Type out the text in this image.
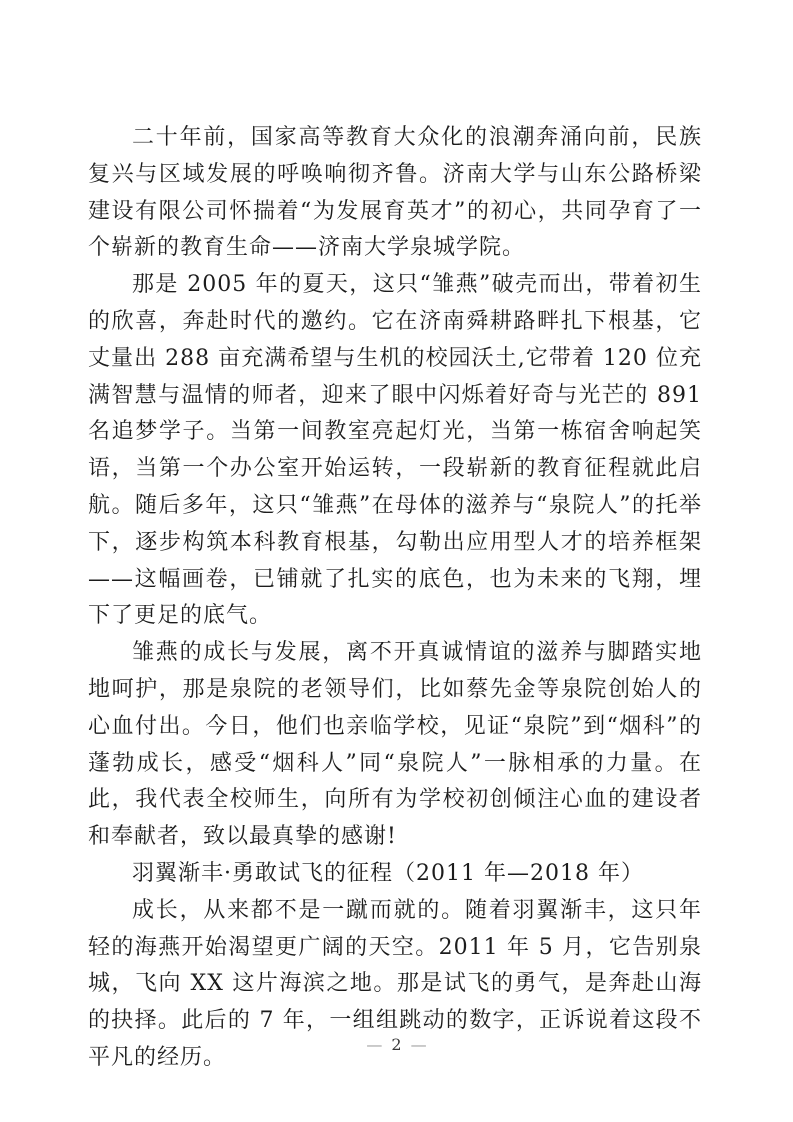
二十年前，国家高等教育大众化的浪潮奔涌向前，民族复兴与区域发展的呼唤响彻齐鲁。济南大学与山东公路桥梁建设有限公司怀揣着“为发展育英才”的初心，共同孕育了一个崭新的教育生命——济南大学泉城学院。

那是 2005 年的夏天，这只“雏燕”破壳而出，带着初生的欣喜，奔赴时代的邀约。它在济南舜耕路畔扎下根基，它丈量出 288 亩充满希望与生机的校园沃土,它带着 120 位充满智慧与温情的师者，迎来了眼中闪烁着好奇与光芒的 891 名追梦学子。当第一间教室亮起灯光，当第一栋宿舍响起笑语，当第一个办公室开始运转，一段崭新的教育征程就此启航。随后多年，这只“雏燕”在母体的滋养与“泉院人”的托举下，逐步构筑本科教育根基，勾勒出应用型人才的培养框架——这幅画卷，已铺就了扎实的底色，也为未来的飞翔，埋下了更足的底气。

雏燕的成长与发展，离不开真诚情谊的滋养与脚踏实地地呵护，那是泉院的老领导们，比如蔡先金等泉院创始人的心血付出。今日，他们也亲临学校，见证“泉院”到“烟科”的蓬勃成长，感受“烟科人”同“泉院人”一脉相承的力量。在此，我代表全校师生，向所有为学校初创倾注心血的建设者和奉献者，致以最真挚的感谢!

羽翼渐丰·勇敢试飞的征程（2011 年—2018 年）

成长，从来都不是一蹴而就的。随着羽翼渐丰，这只年轻的海燕开始渴望更广阔的天空。2011 年 5 月，它告别泉城，飞向 XX 这片海滨之地。那是试飞的勇气，是奔赴山海的抉择。此后的 7 年，一组组跳动的数字，正诉说着这段不平凡的经历。

— 2 —
